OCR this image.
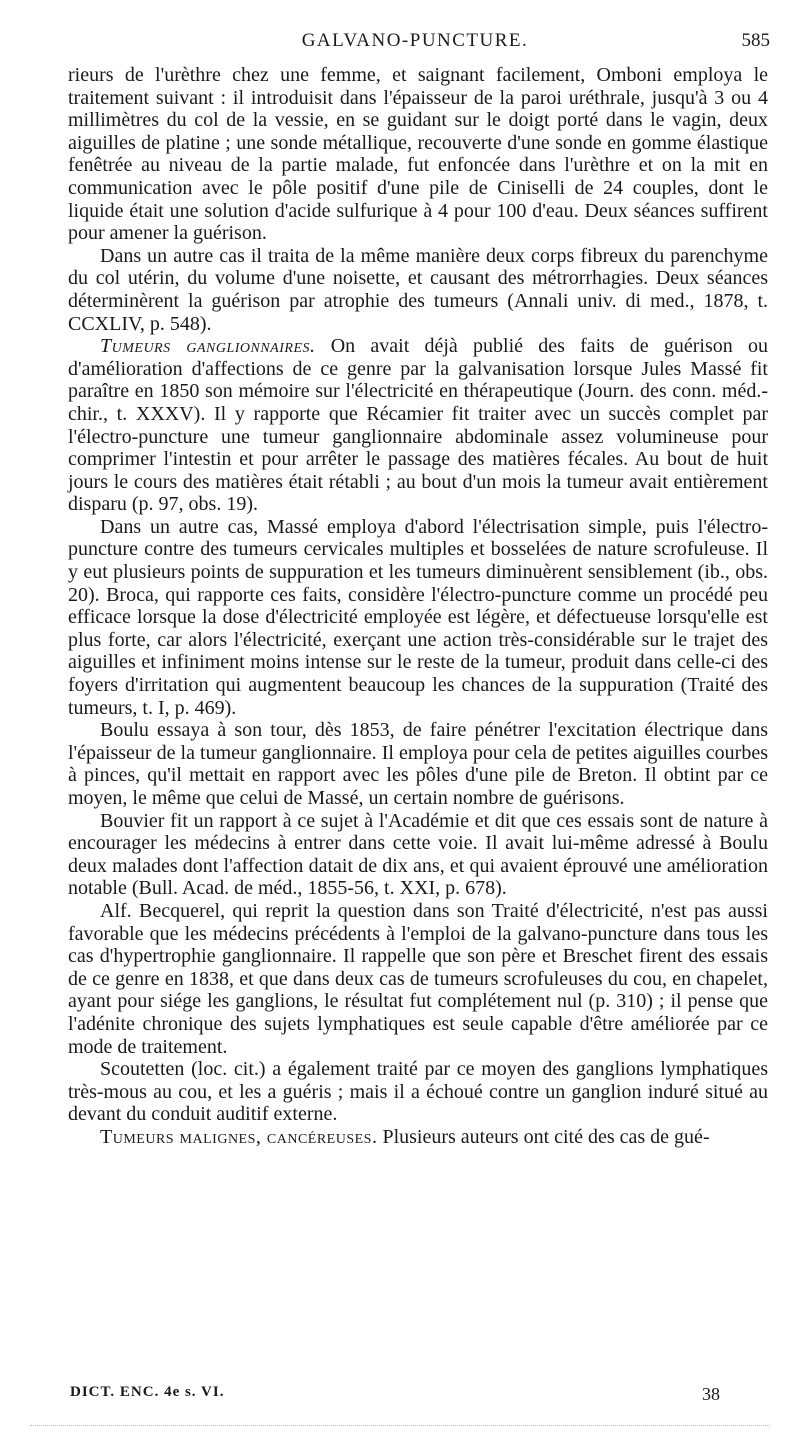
GALVANO-PUNCTURE.	585

rieurs de l'urèthre chez une femme, et saignant facilement, Omboni employa le traitement suivant : il introduisit dans l'épaisseur de la paroi uréthrale, jusqu'à 3 ou 4 millimètres du col de la vessie, en se guidant sur le doigt porté dans le vagin, deux aiguilles de platine ; une sonde métallique, recouverte d'une sonde en gomme élastique fenêtrée au niveau de la partie malade, fut enfoncée dans l'urèthre et on la mit en communication avec le pôle positif d'une pile de Ciniselli de 24 couples, dont le liquide était une solution d'acide sulfurique à 4 pour 100 d'eau. Deux séances suffirent pour amener la guérison.

Dans un autre cas il traita de la même manière deux corps fibreux du parenchyme du col utérin, du volume d'une noisette, et causant des métrorrhagies. Deux séances déterminèrent la guérison par atrophie des tumeurs (Annali univ. di med., 1878, t. CCXLIV, p. 548).

Tumeurs ganglionnaires. On avait déjà publié des faits de guérison ou d'amélioration d'affections de ce genre par la galvanisation lorsque Jules Massé fit paraître en 1850 son mémoire sur l'électricité en thérapeutique (Journ. des conn. méd.-chir., t. XXXV). Il y rapporte que Récamier fit traiter avec un succès complet par l'électro-puncture une tumeur ganglionnaire abdominale assez volumineuse pour comprimer l'intestin et pour arrêter le passage des matières fécales. Au bout de huit jours le cours des matières était rétabli ; au bout d'un mois la tumeur avait entièrement disparu (p. 97, obs. 19).

Dans un autre cas, Massé employa d'abord l'électrisation simple, puis l'électro-puncture contre des tumeurs cervicales multiples et bosselées de nature scrofuleuse. Il y eut plusieurs points de suppuration et les tumeurs diminuèrent sensiblement (ib., obs. 20). Broca, qui rapporte ces faits, considère l'électro-puncture comme un procédé peu efficace lorsque la dose d'électricité employée est légère, et défectueuse lorsqu'elle est plus forte, car alors l'électricité, exerçant une action très-considérable sur le trajet des aiguilles et infiniment moins intense sur le reste de la tumeur, produit dans celle-ci des foyers d'irritation qui augmentent beaucoup les chances de la suppuration (Traité des tumeurs, t. I, p. 469).

Boulu essaya à son tour, dès 1853, de faire pénétrer l'excitation électrique dans l'épaisseur de la tumeur ganglionnaire. Il employa pour cela de petites aiguilles courbes à pinces, qu'il mettait en rapport avec les pôles d'une pile de Breton. Il obtint par ce moyen, le même que celui de Massé, un certain nombre de guérisons.

Bouvier fit un rapport à ce sujet à l'Académie et dit que ces essais sont de nature à encourager les médecins à entrer dans cette voie. Il avait lui-même adressé à Boulu deux malades dont l'affection datait de dix ans, et qui avaient éprouvé une amélioration notable (Bull. Acad. de méd., 1855-56, t. XXI, p. 678).

Alf. Becquerel, qui reprit la question dans son Traité d'électricité, n'est pas aussi favorable que les médecins précédents à l'emploi de la galvano-puncture dans tous les cas d'hypertrophie ganglionnaire. Il rappelle que son père et Breschet firent des essais de ce genre en 1838, et que dans deux cas de tumeurs scrofuleuses du cou, en chapelet, ayant pour siége les ganglions, le résultat fut complétement nul (p. 310) ; il pense que l'adénite chronique des sujets lymphatiques est seule capable d'être améliorée par ce mode de traitement.

Scoutetten (loc. cit.) a également traité par ce moyen des ganglions lymphatiques très-mous au cou, et les a guéris ; mais il a échoué contre un ganglion induré situé au devant du conduit auditif externe.

Tumeurs malignes, cancéreuses. Plusieurs auteurs ont cité des cas de gué-

DICT. ENC. 4e s. VI.	38
